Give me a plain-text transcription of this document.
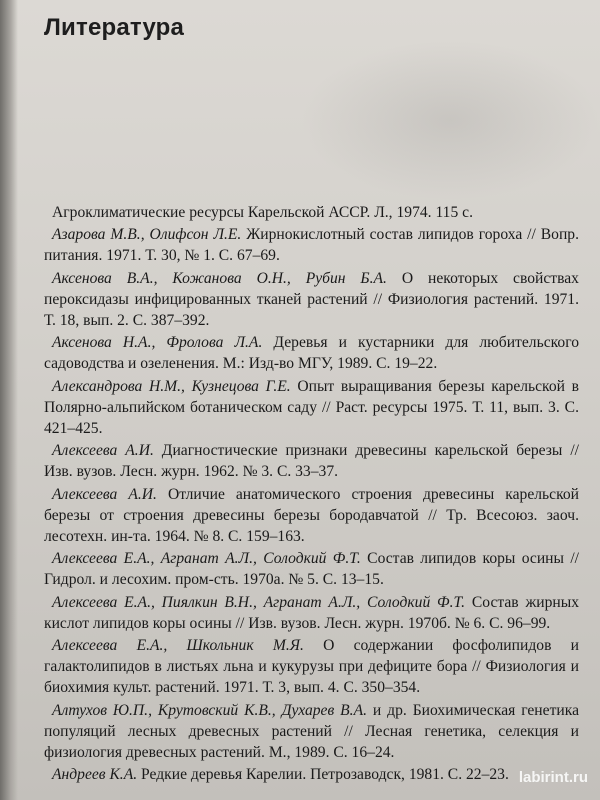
Литература

Агроклиматические ресурсы Карельской АССР. Л., 1974. 115 с.

Азарова М.В., Олифсон Л.Е. Жирнокислотный состав липидов гороха // Вопр. питания. 1971. Т. 30, № 1. С. 67–69.

Аксенова В.А., Кожанова О.Н., Рубин Б.А. О некоторых свойствах пероксидазы инфицированных тканей растений // Физиология растений. 1971. Т. 18, вып. 2. С. 387–392.

Аксенова Н.А., Фролова Л.А. Деревья и кустарники для любительского садоводства и озеленения. М.: Изд-во МГУ, 1989. С. 19–22.

Александрова Н.М., Кузнецова Г.Е. Опыт выращивания березы карельской в Полярно-альпийском ботаническом саду // Раст. ресурсы 1975. Т. 11, вып. 3. С. 421–425.

Алексеева А.И. Диагностические признаки древесины карельской березы // Изв. вузов. Лесн. журн. 1962. № 3. С. 33–37.

Алексеева А.И. Отличие анатомического строения древесины карельской березы от строения древесины березы бородавчатой // Тр. Всесоюз. заоч. лесотехн. ин-та. 1964. № 8. С. 159–163.

Алексеева Е.А., Агранат А.Л., Солодкий Ф.Т. Состав липидов коры осины // Гидрол. и лесохим. пром-сть. 1970а. № 5. С. 13–15.

Алексеева Е.А., Пиялкин В.Н., Агранат А.Л., Солодкий Ф.Т. Состав жирных кислот липидов коры осины // Изв. вузов. Лесн. журн. 1970б. № 6. С. 96–99.

Алексеева Е.А., Школьник М.Я. О содержании фосфолипидов и галактолипидов в листьях льна и кукурузы при дефиците бора // Физиология и биохимия культ. растений. 1971. Т. 3, вып. 4. С. 350–354.

Алтухов Ю.П., Крутовский К.В., Духарев В.А. и др. Биохимическая генетика популяций лесных древесных растений // Лесная генетика, селекция и физиология древесных растений. М., 1989. С. 16–24.

Андреев К.А. Редкие деревья Карелии. Петрозаводск, 1981. С. 22–23. labirint.ru
